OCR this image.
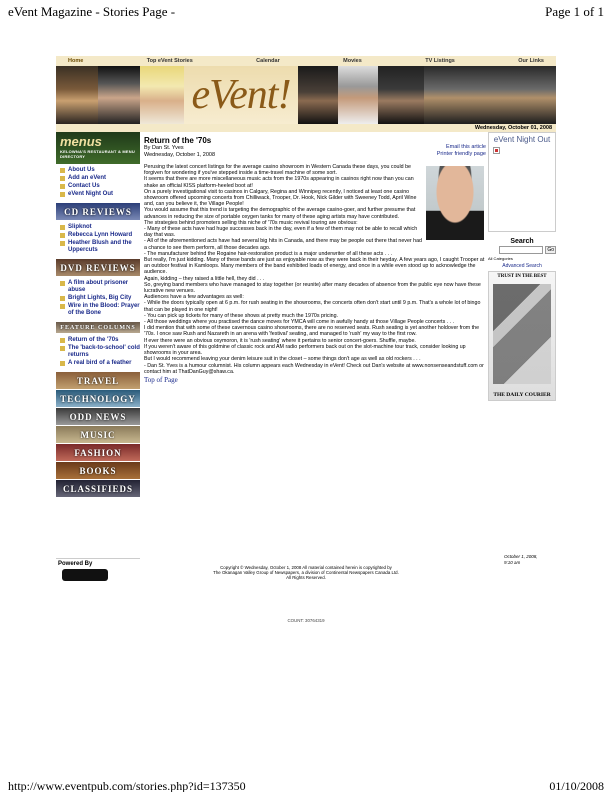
eVent Magazine - Stories Page -	Page 1 of 1
Home	Top eVent Stories	Calendar	Movies	TV Listings	Our Links
eVent!
Wednesday, October 01, 2008
menus
KELOWNA'S RESTAURANT & MENU DIRECTORY
About Us
Add an eVent
Contact Us
eVent Night Out
CD REVIEWS
Slipknot
Rebecca Lynn Howard
Heather Blush and the Uppercuts
DVD REVIEWS
A film about prisoner abuse
Bright Lights, Big City
Wire in the Blood: Prayer of the Bone
FEATURE COLUMNS
Return of the '70s
The 'back-to-school' cold returns
A real bird of a feather
TRAVEL
TECHNOLOGY
ODD NEWS
MUSIC
FASHION
BOOKS
CLASSIFIEDS
Email this article
Printer friendly page
Return of the '70s
By Dan St. Yves
Wednesday, October 1, 2008

Perusing the latest concert listings for the average casino showroom in Western Canada these days, you could be forgiven for wondering if you've stepped inside a time-travel machine of some sort.

It seems that there are more miscellaneous music acts from the 1970s appearing in casinos right now than you can shake an official KISS platform-heeled boot at!

On a purely investigational visit to casinos in Calgary, Regina and Winnipeg recently, I noticed at least one casino showroom offered upcoming concerts from Chilliwack, Trooper, Dr. Hook, Nick Gilder with Sweeney Todd, April Wine and, can you believe it, the Village People!

You would assume that this trend is targeting the demographic of the average casino-goer, and further presume that advances in reducing the size of portable oxygen tanks for many of these aging artists may have contributed.

The strategies behind promoters selling this niche of '70s music revival touring are obvious:

- Many of these acts have had huge successes back in the day, even if a few of them may not be able to recall which day that was.

- All of the aforementioned acts have had several big hits in Canada, and there may be people out there that never had a chance to see them perform, all those decades ago.

- The manufacturer behind the Rogaine hair-restoration product is a major underwriter of all these acts . . .

But really, I'm just kidding. Many of these bands are just as enjoyable now as they were back in their heyday. A few years ago, I caught Trooper at an outdoor festival in Kamloops. Many members of the band exhibited loads of energy, and once in a while even stood up to acknowledge the audience.

Again, kidding – they raised a little hell, they did . . .

So, greying band members who have managed to stay together (or reunite) after many decades of absence from the public eye now have these lucrative new venues.

Audiences have a few advantages as well:

- While the doors typically open at 6 p.m. for rush seating in the showrooms, the concerts often don't start until 9 p.m. That's a whole lot of bingo that can be played in one night!

- You can pick up tickets for many of these shows at pretty much the 1970s pricing.

- All those weddings where you practised the dance moves for YMCA will come in awfully handy at those Village People concerts . . .

I did mention that with some of these cavernous casino showrooms, there are no reserved seats. Rush seating is yet another holdover from the '70s. I once saw Rush and Nazareth in an arena with 'festival' seating, and managed to 'rush' my way to the first row.

If ever there were an obvious oxymoron, it is 'rush seating' where it pertains to senior concert-goers. Shuffle, maybe.

If you weren't aware of this goldmine of classic rock and AM radio performers back out on the slot-machine tour track, consider looking up showrooms in your area.

But I would recommend leaving your denim leisure suit in the closet – some things don't age as well as old rockers . . .

- Dan St. Yves is a humour columnist. His column appears each Wednesday in eVent! Check out Dan's website at www.nonsenseandstuff.com or contact him at ThatDanGuy@shaw.ca.

Top of Page
eVent Night Out
Search
Go
All Categories
Advanced Search
TRUST IN THE BEST
THE DAILY COURIER
October 1, 2008,
9:10 am
Powered By
Copyright © Wednesday, October 1, 2008 All material contained herein is copyrighted by
The Okanagan Valley Group of Newspapers, a division of Continental Newspapers Canada Ltd.
All Rights Reserved.
COUNT: 30764319
http://www.eventpub.com/stories.php?id=137350	01/10/2008
